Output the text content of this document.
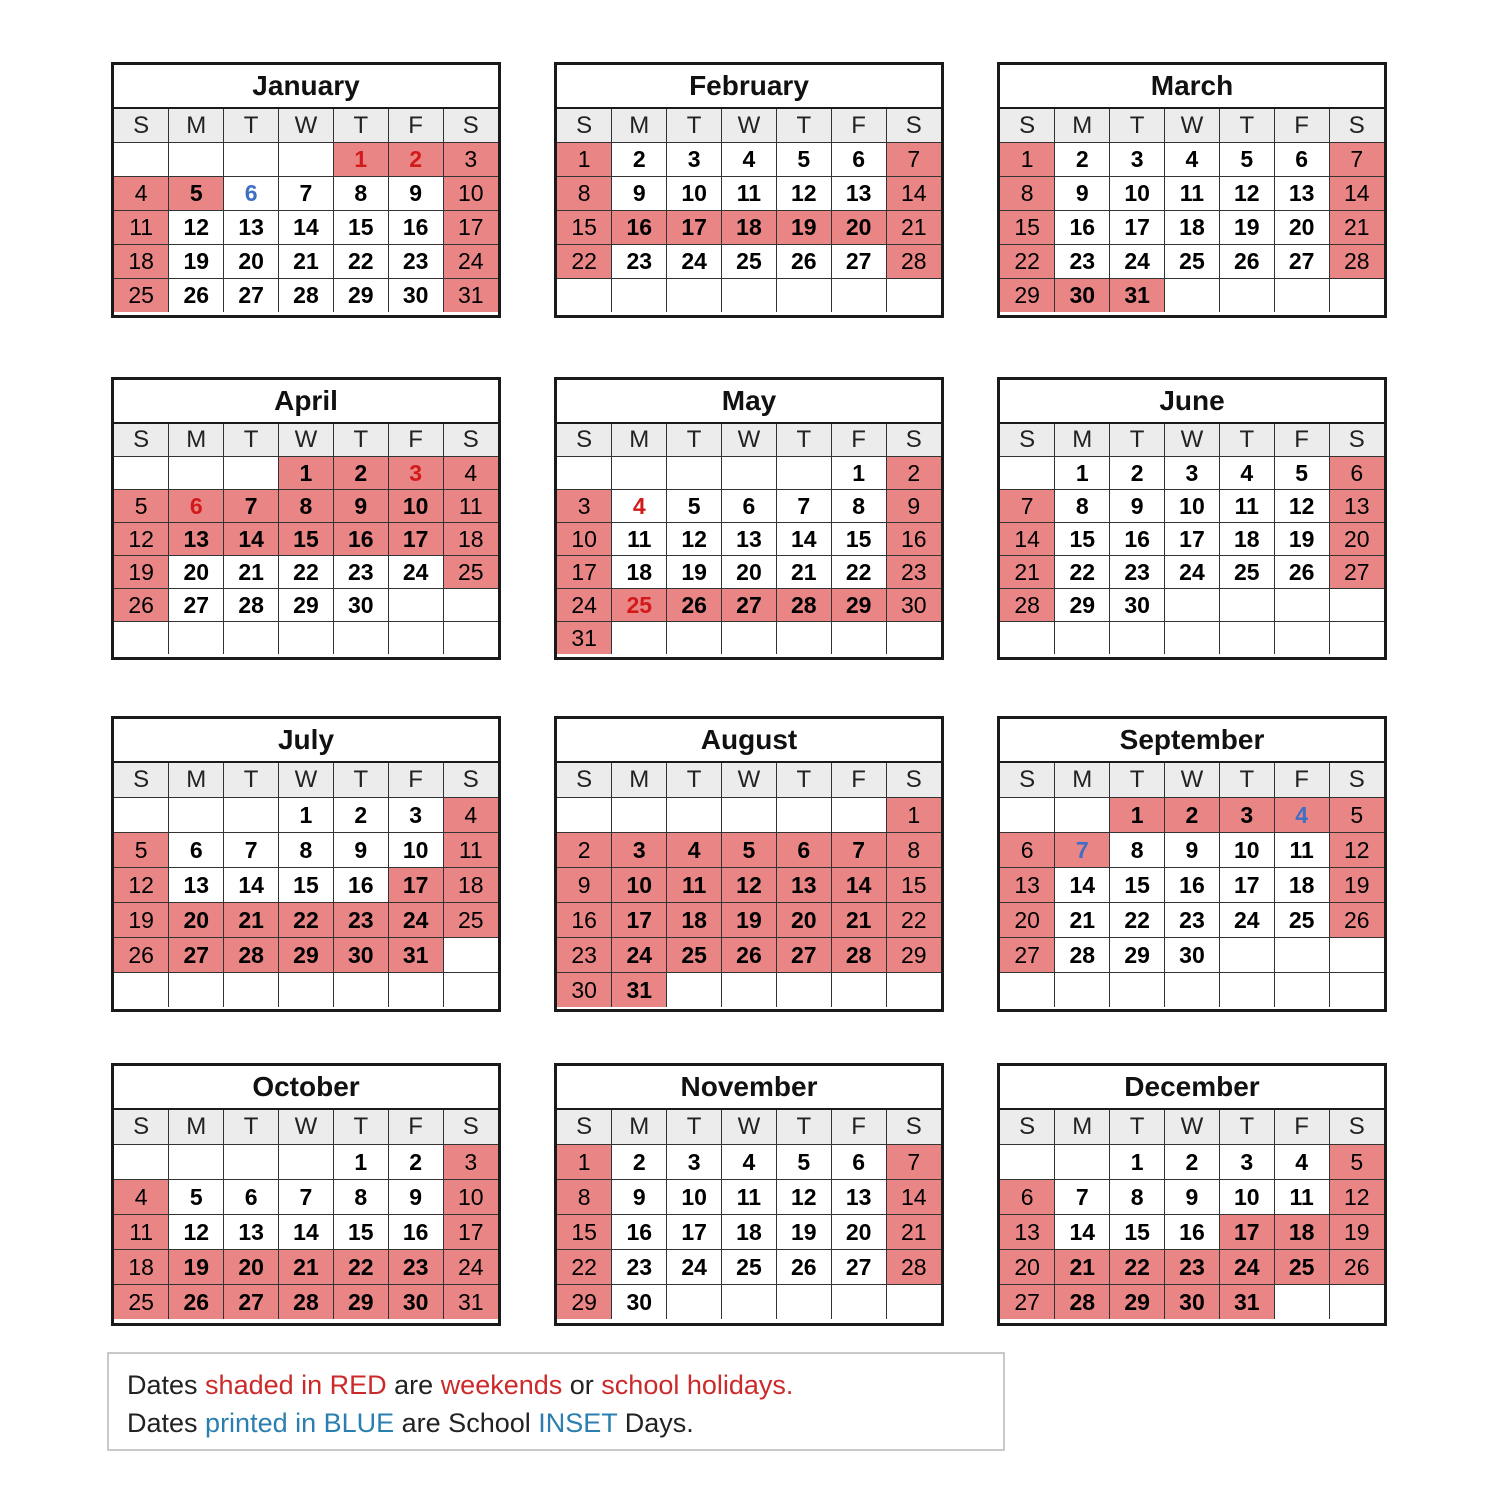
January
S	M	T	W	T	F	S
				1	2	3
4	5	6	7	8	9	10
11	12	13	14	15	16	17
18	19	20	21	22	23	24
25	26	27	28	29	30	31
February
S	M	T	W	T	F	S
1	2	3	4	5	6	7
8	9	10	11	12	13	14
15	16	17	18	19	20	21
22	23	24	25	26	27	28

March
S	M	T	W	T	F	S
1	2	3	4	5	6	7
8	9	10	11	12	13	14
15	16	17	18	19	20	21
22	23	24	25	26	27	28
29	30	31				
April
S	M	T	W	T	F	S
			1	2	3	4
5	6	7	8	9	10	11
12	13	14	15	16	17	18
19	20	21	22	23	24	25
26	27	28	29	30		

May
S	M	T	W	T	F	S
					1	2
3	4	5	6	7	8	9
10	11	12	13	14	15	16
17	18	19	20	21	22	23
24	25	26	27	28	29	30
31						
June
S	M	T	W	T	F	S
	1	2	3	4	5	6
7	8	9	10	11	12	13
14	15	16	17	18	19	20
21	22	23	24	25	26	27
28	29	30				

July
S	M	T	W	T	F	S
			1	2	3	4
5	6	7	8	9	10	11
12	13	14	15	16	17	18
19	20	21	22	23	24	25
26	27	28	29	30	31	

August
S	M	T	W	T	F	S
						1
2	3	4	5	6	7	8
9	10	11	12	13	14	15
16	17	18	19	20	21	22
23	24	25	26	27	28	29
30	31					
September
S	M	T	W	T	F	S
		1	2	3	4	5
6	7	8	9	10	11	12
13	14	15	16	17	18	19
20	21	22	23	24	25	26
27	28	29	30			

October
S	M	T	W	T	F	S
				1	2	3
4	5	6	7	8	9	10
11	12	13	14	15	16	17
18	19	20	21	22	23	24
25	26	27	28	29	30	31
November
S	M	T	W	T	F	S
1	2	3	4	5	6	7
8	9	10	11	12	13	14
15	16	17	18	19	20	21
22	23	24	25	26	27	28
29	30					
December
S	M	T	W	T	F	S
		1	2	3	4	5
6	7	8	9	10	11	12
13	14	15	16	17	18	19
20	21	22	23	24	25	26
27	28	29	30	31		
Dates shaded in RED are weekends or school holidays.
Dates printed in BLUE are School INSET Days.
